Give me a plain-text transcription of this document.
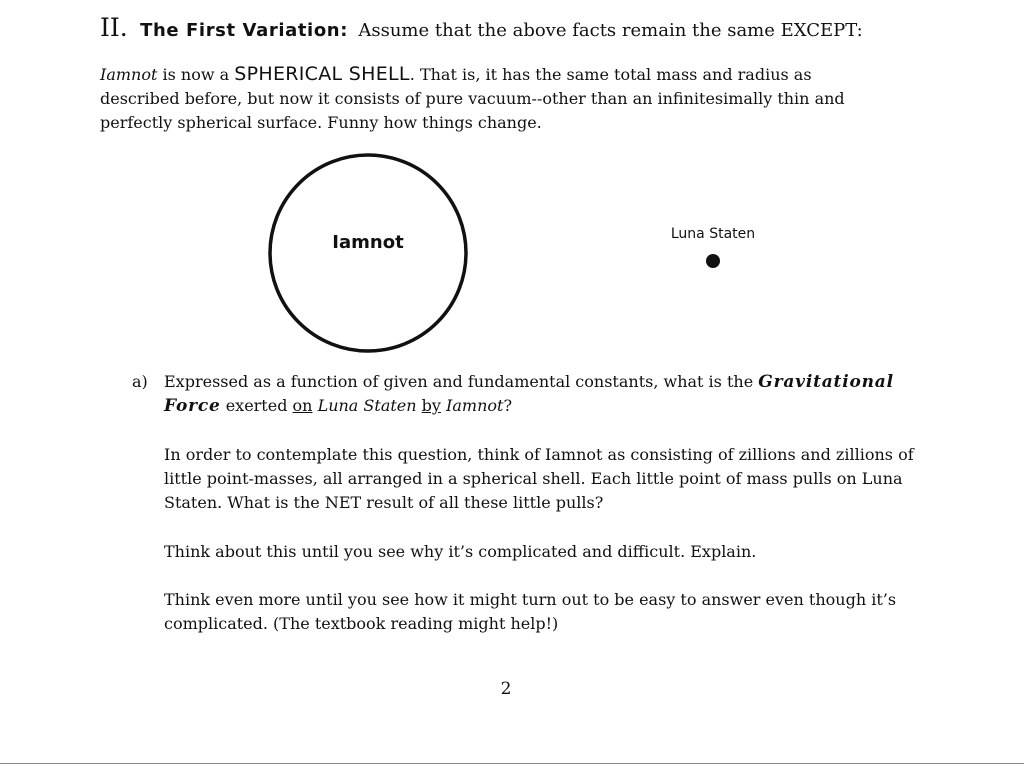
II. The First Variation: Assume that the above facts remain the same EXCEPT:
Iamnot is now a SPHERICAL SHELL. That is, it has the same total mass and radius as
described before, but now it consists of pure vacuum--other than an infinitesimally thin and
perfectly spherical surface. Funny how things change.
Iamnot	Luna Staten
a) Expressed as a function of given and fundamental constants, what is the Gravitational
Force exerted on Luna Staten by Iamnot?
In order to contemplate this question, think of Iamnot as consisting of zillions and zillions of
little point-masses, all arranged in a spherical shell. Each little point of mass pulls on Luna
Staten. What is the NET result of all these little pulls?
Think about this until you see why it’s complicated and difficult. Explain.
Think even more until you see how it might turn out to be easy to answer even though it’s
complicated. (The textbook reading might help!)
2
